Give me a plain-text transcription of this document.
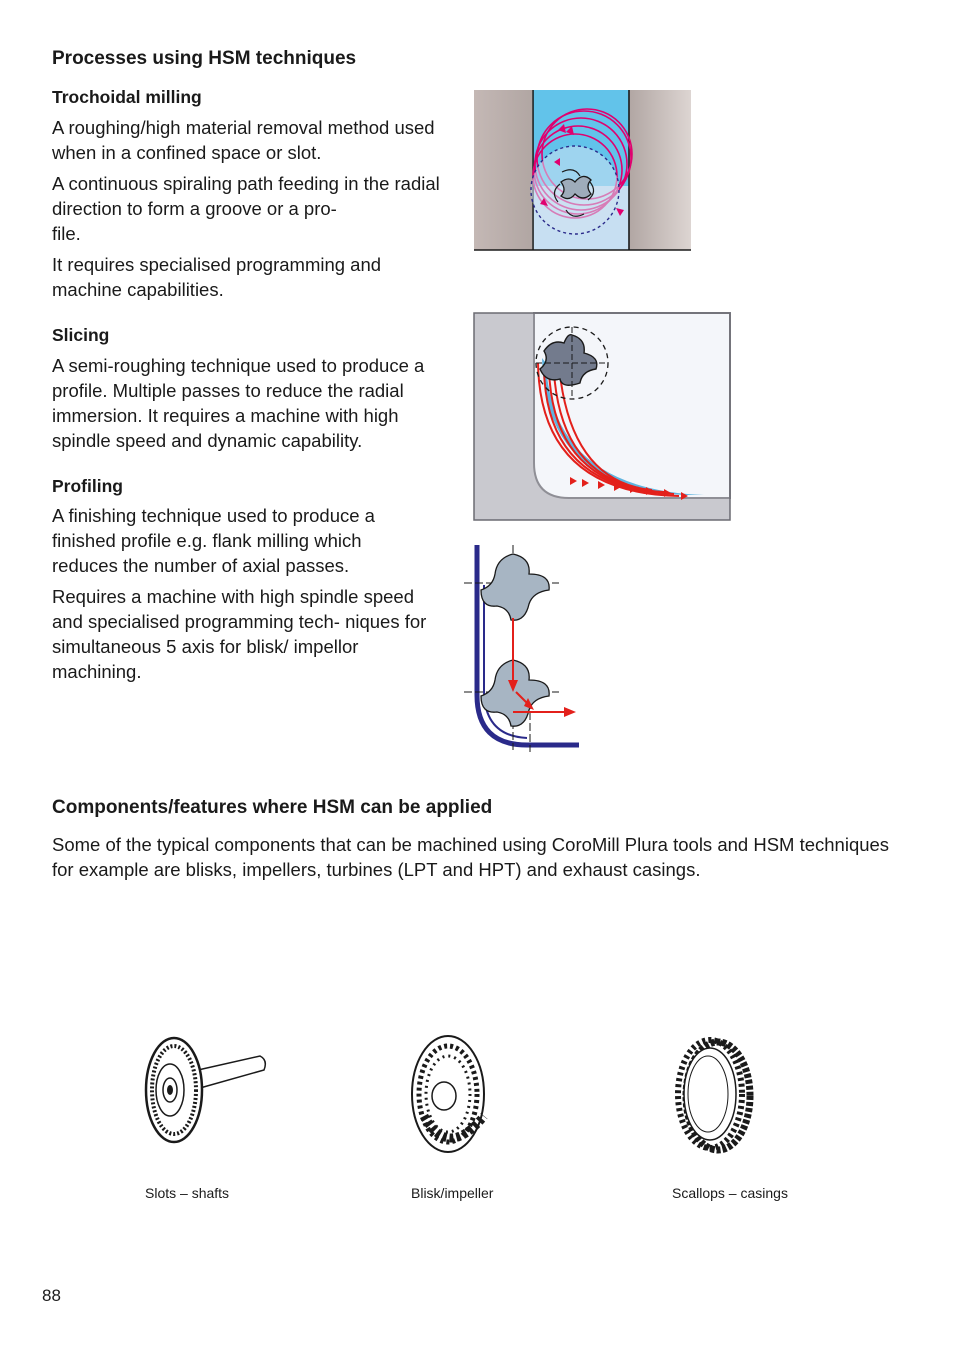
Processes using HSM techniques
Trochoidal milling

A roughing/high material removal method used when in a confined space or slot.

A continuous spiraling path feeding in the radial direction to form a groove or a pro-
file.

It requires specialised programming and machine capabilities.

Slicing

A semi-roughing technique used to produce a profile. Multiple passes to reduce the radial immersion. It requires a machine with high spindle speed and dynamic capability.

Profiling

A finishing technique used to produce a finished profile e.g. flank milling which reduces the number of axial passes.

Requires a machine with high spindle speed and specialised programming tech- niques for simultaneous 5 axis for blisk/ impellor machining.
Components/features where HSM can be applied

Some of the typical components that can be machined using CoroMill Plura tools and HSM techniques for example are blisks, impellers, turbines (LPT and HPT) and exhaust casings.

Slots – shafts	Blisk/impeller	Scallops – casings
88
